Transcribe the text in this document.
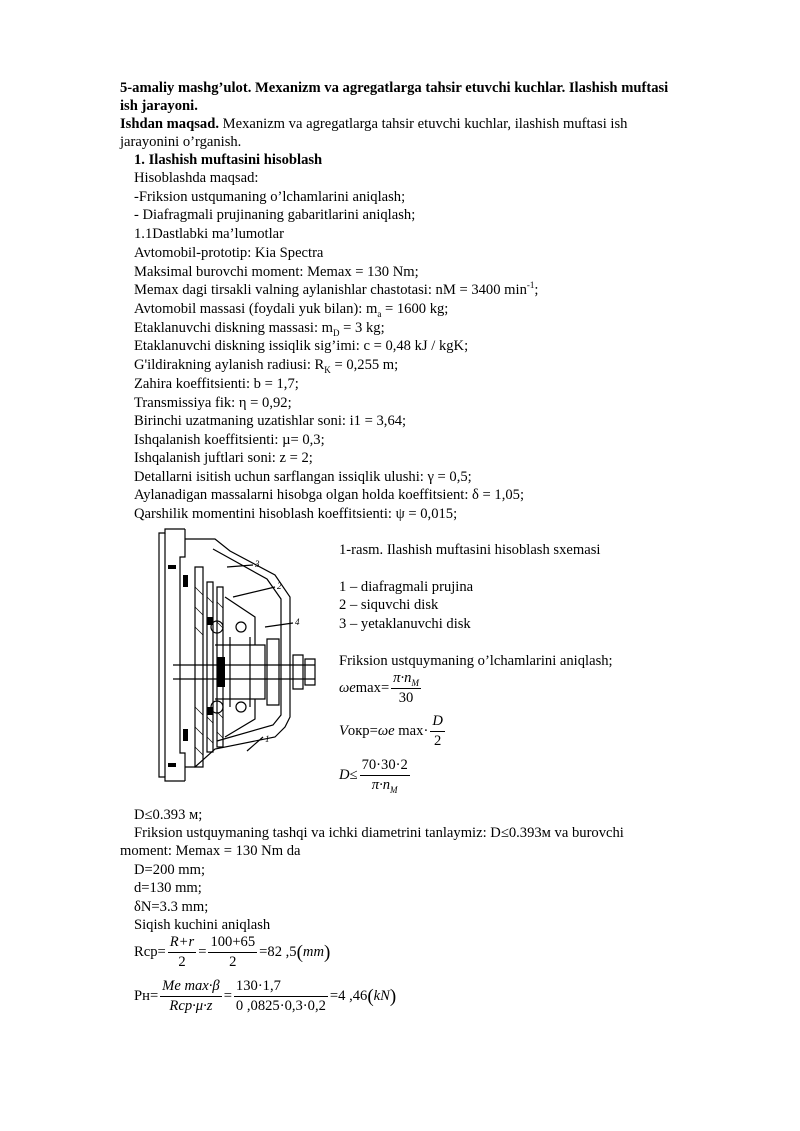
5-amaliy mashg’ulot. Mexanizm va agregatlarga tahsir etuvchi kuchlar. Ilashish muftasi
ish jarayoni.
Ishdan maqsad. Mexanizm va agregatlarga tahsir etuvchi kuchlar, ilashish muftasi ish
jarayonini o’rganish.
1. Ilashish muftasini hisoblash
Hisoblashda maqsad:
-Friksion ustqumaning o’lchamlarini aniqlash;
- Diafragmali prujinaning gabaritlarini aniqlash;
1.1Dastlabki ma’lumotlar
Avtomobil-prototip: Kia Spectra
Maksimal burovchi moment: Memax = 130 Nm;
Memax dagi tirsakli valning aylanishlar chastotasi: nM = 3400 $\min^{-1}$;
Avtomobil massasi (foydali yuk bilan): $m_a = 1600$ kg;
Etaklanuvchi diskning massasi: $m_D = 3$ kg;
Etaklanuvchi diskning issiqlik sig’imi: c = 0,48 kJ / kgK;
G'ildirakning aylanish radiusi: $R_K = 0,255$ m;
Zahira koeffitsienti: b = 1,7;
Transmissiya fik: η = 0,92;
Birinchi uzatmaning uzatishlar soni: i1 = 3,64;
Ishqalanish koeffitsienti: µ= 0,3;
Ishqalanish juftlari soni: z = 2;
Detallarni isitish uchun sarflangan issiqlik ulushi: γ = 0,5;
Aylanadigan massalarni hisobga olgan holda koeffitsient: δ = 1,05;
Qarshilik momentini hisoblash koeffitsienti: ψ = 0,015;
3
2
4
1
1-rasm. Ilashish muftasini hisoblash sxemasi
1 – diafragmali prujina
2 – siquvchi disk
3 – yetaklanuvchi disk
Friksion ustquymaning o’lchamlarini aniqlash;
ωe $\max = \frac{\pi\cdot n_M}{30}$
V окр = ωe
$\max \cdot \frac{D}{2}$
$D \le \frac{70\cdot 30\cdot 2}{\pi\cdot n_M}$
D≤0.393 м;
Friksion ustquymaning tashqi va ichki diametrini tanlaymiz: D≤0.393м va burovchi
moment: Memax = 130 Nm da
D=200 mm;
d=130 mm;
δN=3.3 mm;
Siqish kuchini aniqlash
Rcp = $\frac{R+r}{2} = \frac{100+65}{2} = 82$ ,5 ( mm )
Pн = $\frac{\text{Me max·β}}{\text{Rcp·μ·z}} = \frac{130\cdot 1,7}{0 ,0825\cdot 0,3\cdot 0,2} = 4$ ,46 ( kN )
